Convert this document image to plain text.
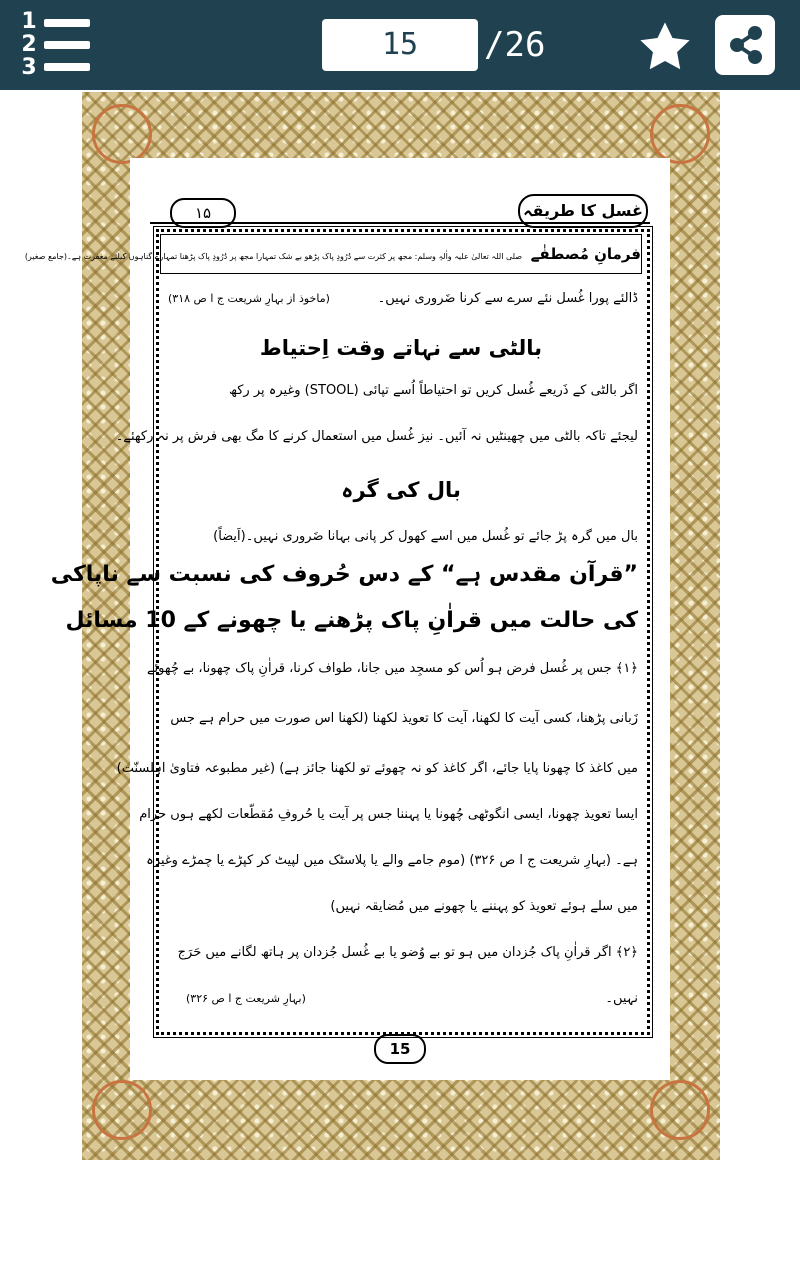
1
2
3
15	/26
غسل کا طریقہ
۱۵
فرمانِ مُصطفٰے صلی اللہ تعالیٰ علیہ واٰلہٖ وسلم: مجھ پر کثرت سے دُرُودِ پاک پڑھو بے شک تمہارا مجھ پر دُرُودِ پاک پڑھنا تمہارے گناہوں کیلئے مغفرت ہے۔(جامع صغیر)
ڈالئے پورا غُسل نئے سرے سے کرنا ضَروری نہیں۔
(ماخوذ از بہارِ شریعت ج ا ص ۳۱۸)
بالٹی سے نہاتے وقت اِحتیاط
اگر بالٹی کے ذَریعے غُسل کریں تو احتیاطاً اُسے تپائی (STOOL) وغیرہ پر رکھ
لیجئے تاکہ بالٹی میں چھینٹیں نہ آئیں۔ نیز غُسل میں استعمال کرنے کا مگ بھی فرش پر نہ رکھئے۔
بال کی گرہ
بال میں گرہ پڑ جائے تو غُسل میں اسے کھول کر پانی بہانا ضَروری نہیں۔(اَیضاً)
”قرآن مقدس ہے“ کے دس حُروف کی نسبت سے ناپاکی
کی حالت میں قراٰنِ پاک پڑھنے یا چھونے کے 10 مسائل
﴿۱﴾ جس پر غُسل فرض ہو اُس کو مسجِد میں جانا، طواف کرنا، قراٰنِ پاک چھونا، بے چُھوئے
زَبانی پڑھنا، کسی آیت کا لکھنا، آیت کا تعویذ لکھنا (لکھنا اس صورت میں حرام ہے جس
میں کاغذ کا چھونا پایا جائے، اگر کاغذ کو نہ چھوئے تو لکھنا جائز ہے) (غیر مطبوعہ فتاویٰ اہلسنّت)
ایسا تعویذ چھونا، ایسی انگوٹھی چُھونا یا پہننا جس پر آیت یا حُروفِ مُقطّعات لکھے ہوں حرام
ہے۔ (بہارِ شریعت ج ا ص ۳۲۶) (موم جامے والے یا پلاسٹک میں لپیٹ کر کپڑے یا چمڑے وغیرہ
میں سلے ہوئے تعویذ کو پہننے یا چھونے میں مُضایقہ نہیں)
﴿۲﴾ اگر قراٰنِ پاک جُزدان میں ہو تو بے وُضو یا بے غُسل جُزدان پر ہاتھ لگانے میں حَرَج
نہیں۔
(بہارِ شریعت ج ا ص ۳۲۶)
15
